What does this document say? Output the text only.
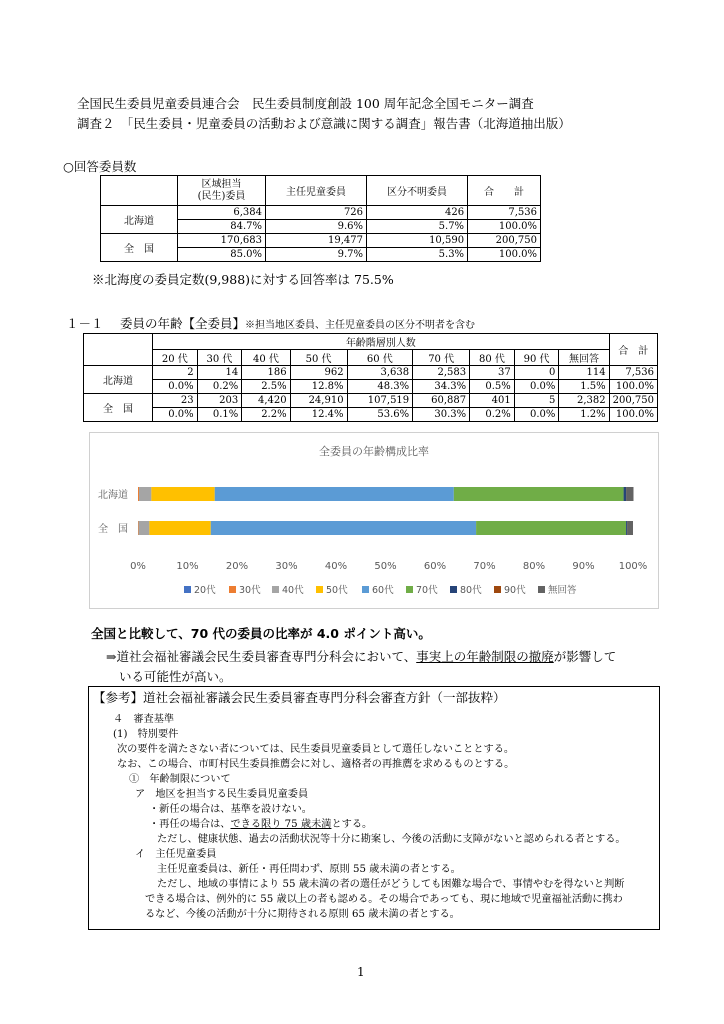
全国民生委員児童委員連合会　民生委員制度創設 100 周年記念全国モニター調査
調査２　「民生委員・児童委員の活動および意識に関する調査」報告書（北海道抽出版）
○回答委員数

	区域担当
(民生)委員	主任児童委員	区分不明委員	合　　計
北海道	6,384	726	426	7,536
	84.7%	9.6%	5.7%	100.0%
全　国	170,683	19,477	10,590	200,750
	85.0%	9.7%	5.3%	100.0%
※北海度の委員定数(9,988)に対する回答率は 75.5%
１－１　 委員の年齢【全委員】※担当地区委員、主任児童委員の区分不明者を含む
	年齢階層別人数									合　計
	20 代	30 代	40 代	50 代	60 代	70 代	80 代	90 代	無回答	
北海道	2	14	186	962	3,638	2,583	37	0	114	7,536
	0.0%	0.2%	2.5%	12.8%	48.3%	34.3%	0.5%	0.0%	1.5%	100.0%
全　国	23	203	4,420	24,910	107,519	60,887	401	5	2,382	200,750
	0.0%	0.1%	2.2%	12.4%	53.6%	30.3%	0.2%	0.0%	1.2%	100.0%
全委員の年齢構成比率
北海道
全　国
0%	10%	20%	30%	40%	50%	60%	70%	80%	90% 100%
20代 30代 40代 50代	60代 70代 80代 90代 無回答
全国と比較して、70 代の委員の比率が 4.0 ポイント高い。
⇒道社会福祉審議会民生委員審査専門分科会において、事実上の年齢制限の撤廃が影響して
いる可能性が高い。
【参考】道社会福祉審議会民生委員審査専門分科会審査方針（一部抜粋）
４　審査基準
(1)　特別要件
次の要件を満たさない者については、民生委員児童委員として選任しないこととする。
なお、この場合、市町村民生委員推薦会に対し、適格者の再推薦を求めるものとする。
①　年齢制限について
ア　地区を担当する民生委員児童委員
・新任の場合は、基準を設けない。
・再任の場合は、できる限り 75 歳未満とする。
ただし、健康状態、過去の活動状況等十分に勘案し、今後の活動に支障がないと認められる者とする。
イ　主任児童委員
主任児童委員は、新任・再任問わず、原則 55 歳未満の者とする。
ただし、地域の事情により 55 歳未満の者の選任がどうしても困難な場合で、事情やむを得ないと判断
できる場合は、例外的に 55 歳以上の者も認める。その場合であっても、現に地域で児童福祉活動に携わ
るなど、今後の活動が十分に期待される原則 65 歳未満の者とする。
1
